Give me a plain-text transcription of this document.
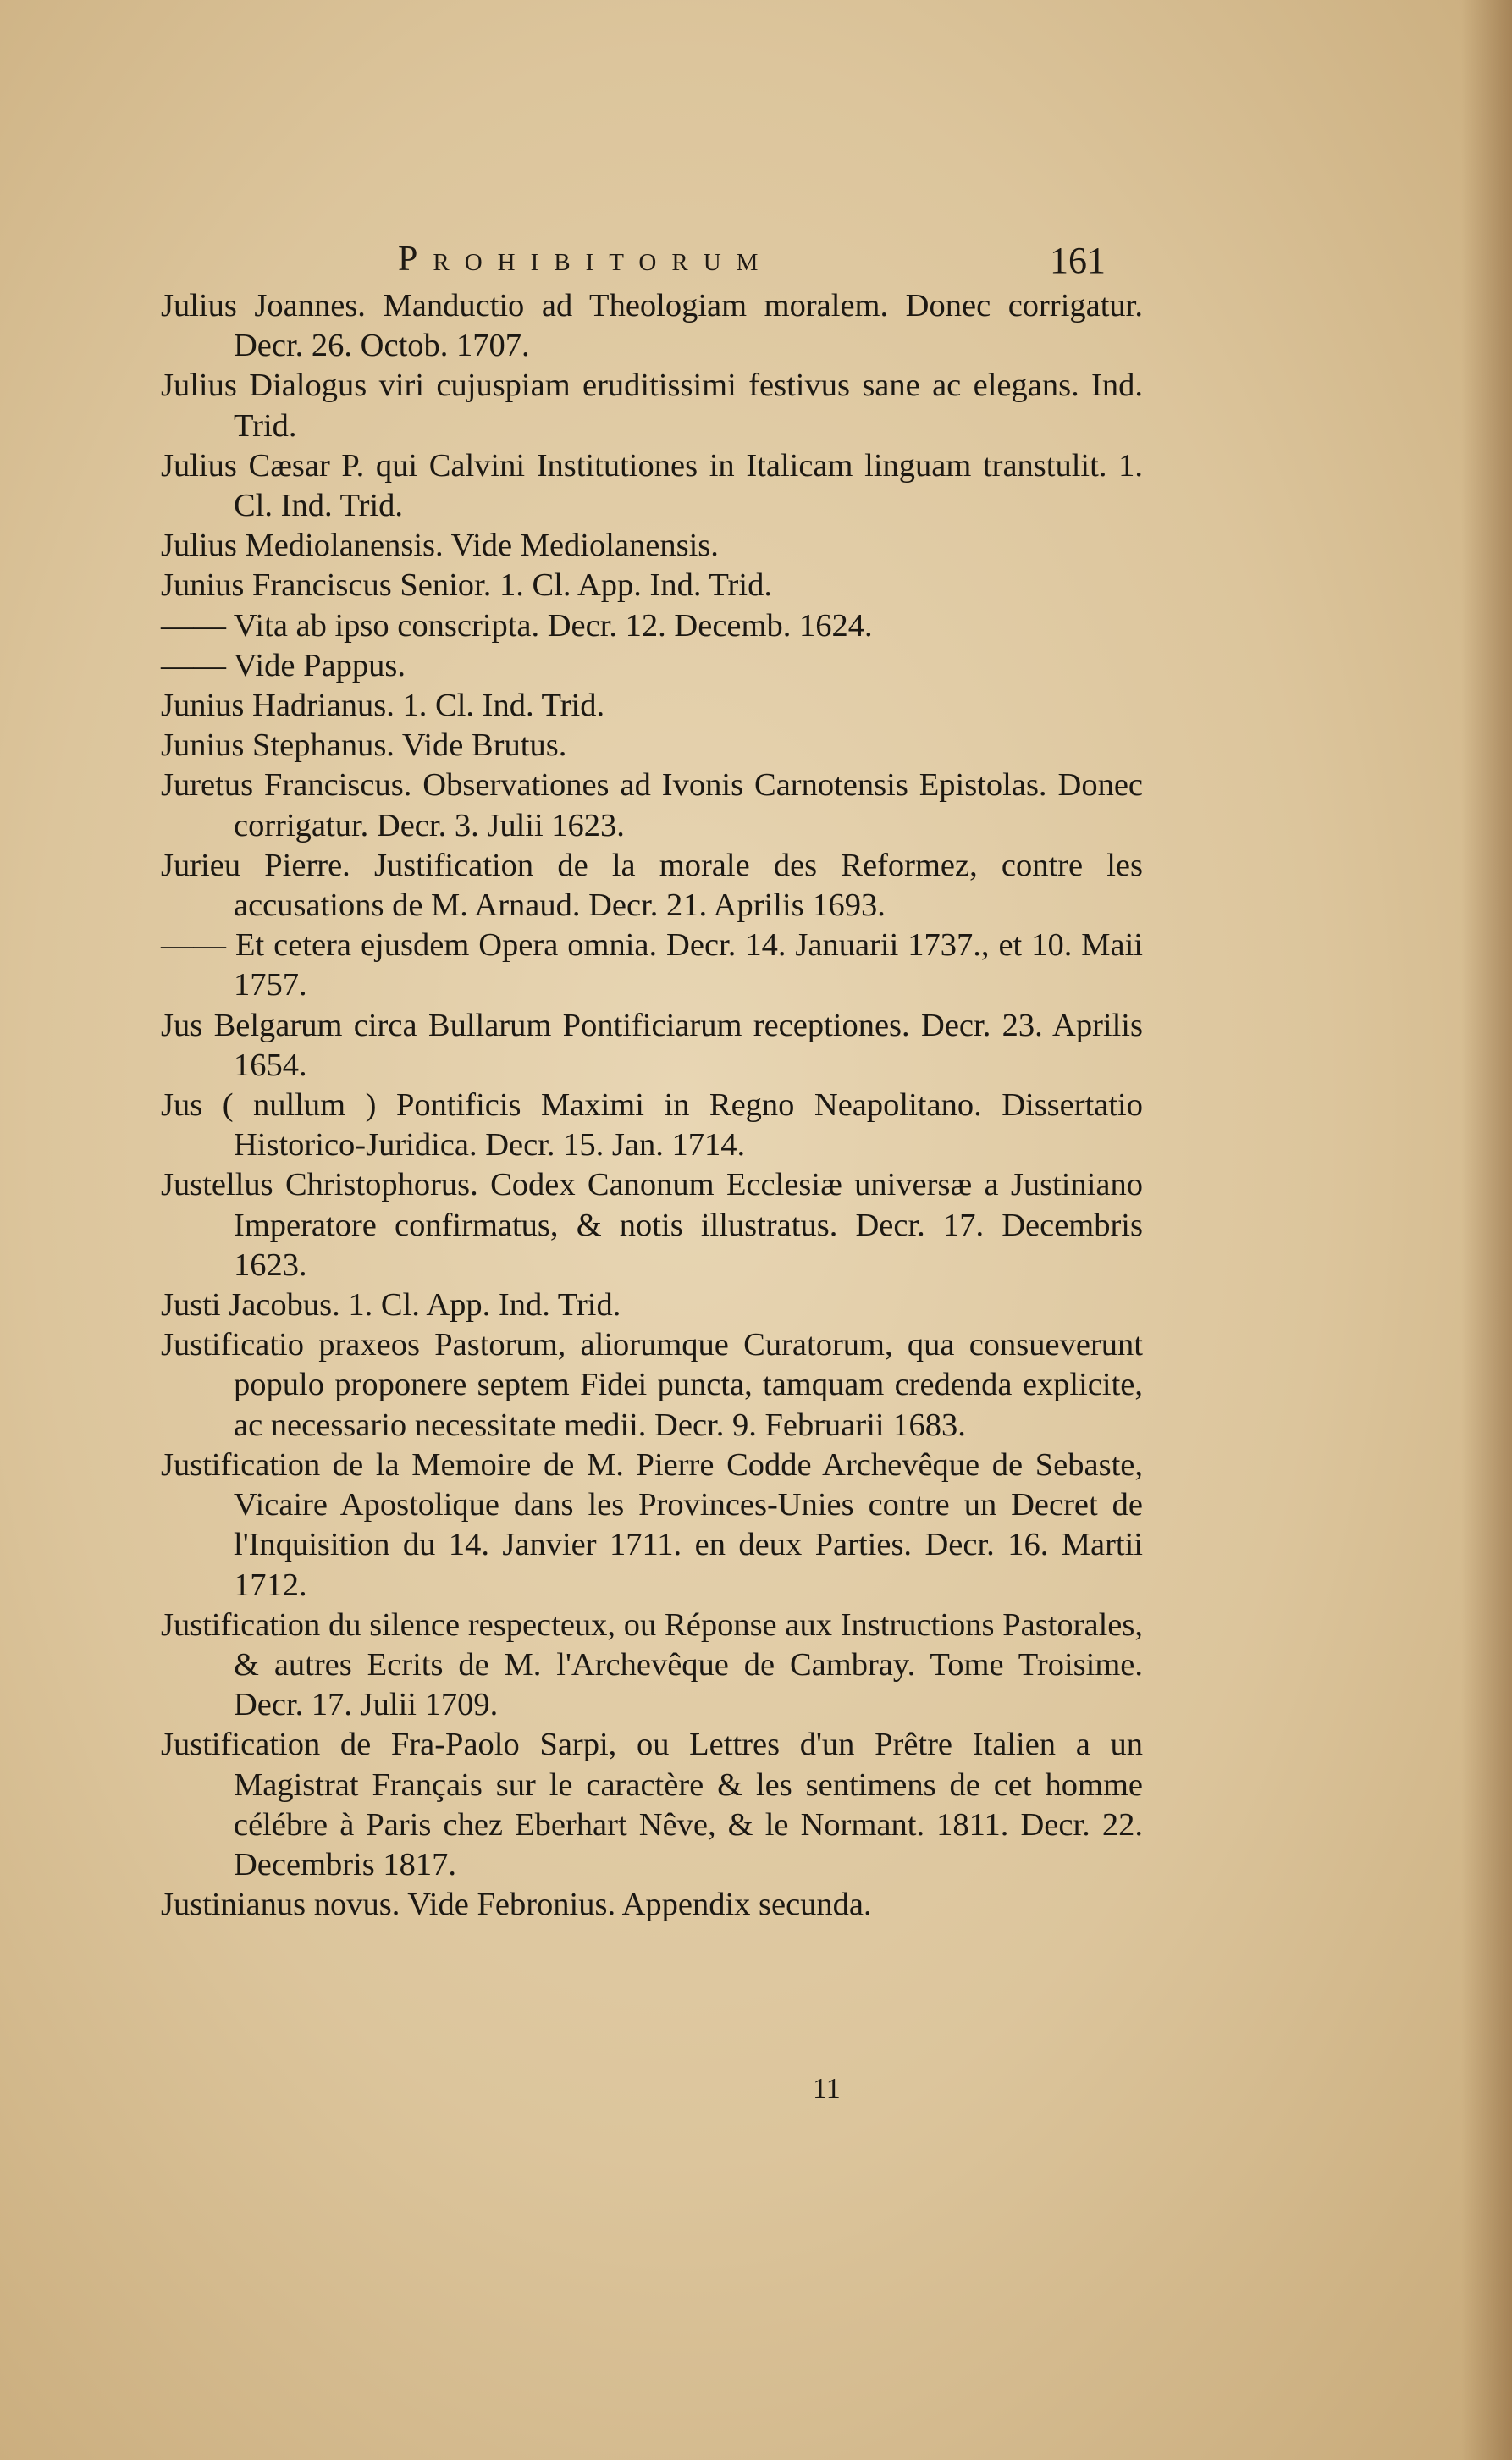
Prohibitorum	161

Julius Joannes. Manductio ad Theologiam moralem. Donec corrigatur. Decr. 26. Octob. 1707.

Julius Dialogus viri cujuspiam eruditissimi festivus sane ac elegans. Ind. Trid.

Julius Cæsar P. qui Calvini Institutiones in Italicam linguam transtulit. 1. Cl. Ind. Trid.

Julius Mediolanensis. Vide Mediolanensis.

Junius Franciscus Senior. 1. Cl. App. Ind. Trid.

—— Vita ab ipso conscripta. Decr. 12. Decemb. 1624.

—— Vide Pappus.

Junius Hadrianus. 1. Cl. Ind. Trid.

Junius Stephanus. Vide Brutus.

Juretus Franciscus. Observationes ad Ivonis Carnotensis Epistolas. Donec corrigatur. Decr. 3. Julii 1623.

Jurieu Pierre. Justification de la morale des Reformez, contre les accusations de M. Arnaud. Decr. 21. Aprilis 1693.

—— Et cetera ejusdem Opera omnia. Decr. 14. Januarii 1737., et 10. Maii 1757.

Jus Belgarum circa Bullarum Pontificiarum receptiones. Decr. 23. Aprilis 1654.

Jus ( nullum ) Pontificis Maximi in Regno Neapolitano. Dissertatio Historico-Juridica. Decr. 15. Jan. 1714.

Justellus Christophorus. Codex Canonum Ecclesiæ universæ a Justiniano Imperatore confirmatus, & notis illustratus. Decr. 17. Decembris 1623.

Justi Jacobus. 1. Cl. App. Ind. Trid.

Justificatio praxeos Pastorum, aliorumque Curatorum, qua consueverunt populo proponere septem Fidei puncta, tamquam credenda explicite, ac necessario necessitate medii. Decr. 9. Februarii 1683.

Justification de la Memoire de M. Pierre Codde Archevêque de Sebaste, Vicaire Apostolique dans les Provinces-Unies contre un Decret de l'Inquisition du 14. Janvier 1711. en deux Parties. Decr. 16. Martii 1712.

Justification du silence respecteux, ou Réponse aux Instructions Pastorales, & autres Ecrits de M. l'Archevêque de Cambray. Tome Troisime. Decr. 17. Julii 1709.

Justification de Fra-Paolo Sarpi, ou Lettres d'un Prêtre Italien a un Magistrat Français sur le caractère & les sentimens de cet homme célébre à Paris chez Eberhart Nêve, & le Normant. 1811. Decr. 22. Decembris 1817.

Justinianus novus. Vide Febronius. Appendix secunda.

11
